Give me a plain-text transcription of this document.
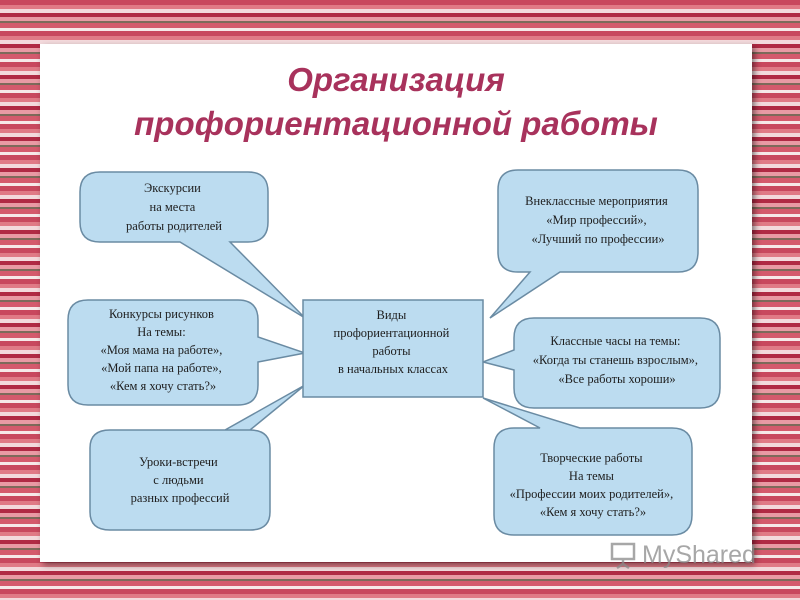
Организация
профориентационной работы
Экскурсии на места работы родителей
Конкурсы рисунков На темы: «Моя мама на работе», «Мой папа на работе», «Кем я хочу стать?»
Уроки-встречи с людьми разных профессий
Внеклассные мероприятия «Мир профессий», «Лучший по профессии»
Классные часы на темы: «Когда ты станешь взрослым», «Все работы хороши»
Творческие работы На темы «Профессии моих родителей», «Кем я хочу стать?»
Виды профориентационной работы в начальных классах
MyShared
